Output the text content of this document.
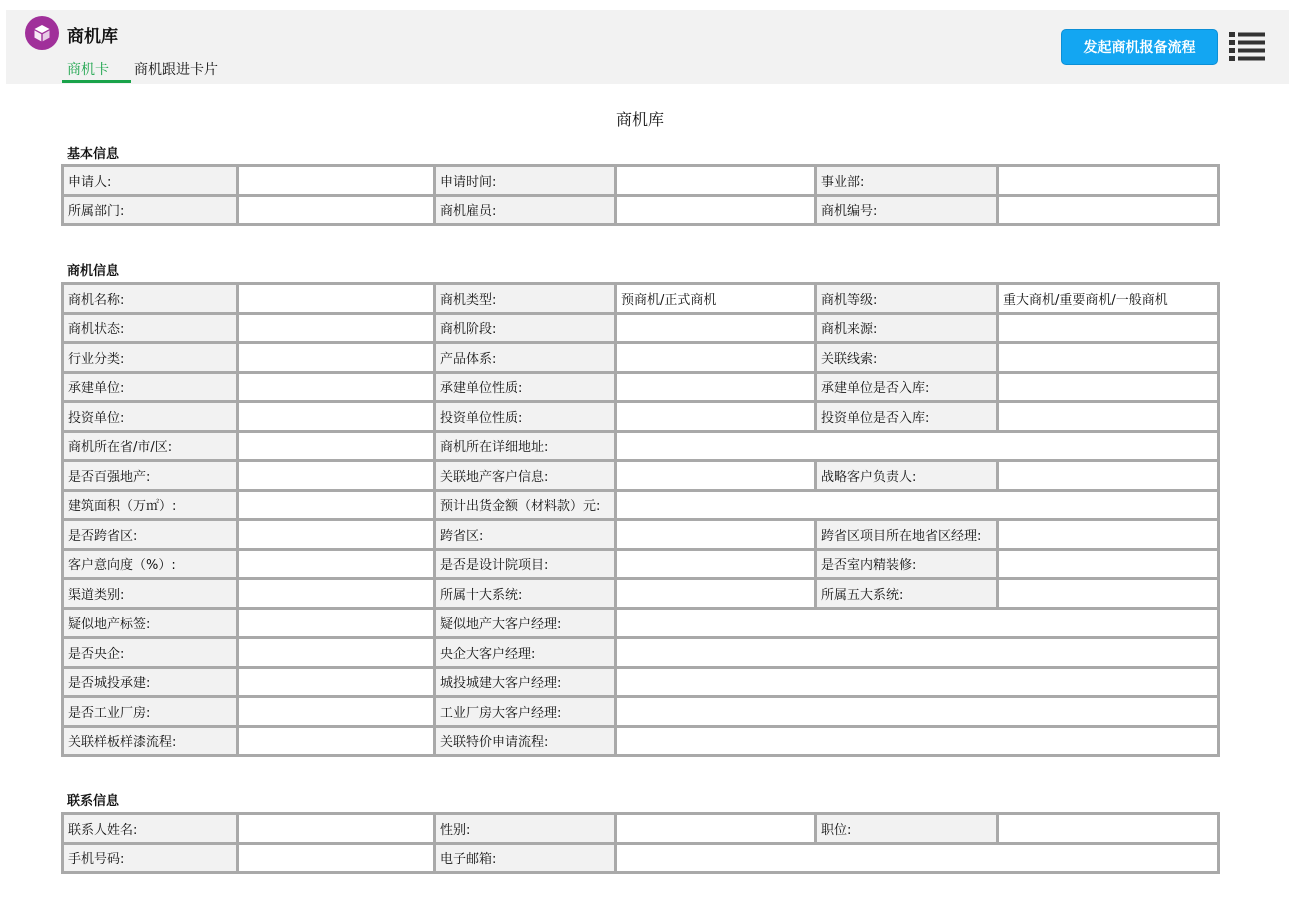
商机库
商机卡	商机跟进卡片
发起商机报备流程
商机库
基本信息
申请人:		申请时间:		事业部:	
所属部门:		商机雇员:		商机编号:	
商机信息
商机名称:		商机类型:	预商机/正式商机	商机等级:	重大商机/重要商机/一般商机
商机状态:		商机阶段:		商机来源:	
行业分类:		产品体系:		关联线索:	
承建单位:		承建单位性质:		承建单位是否入库:	
投资单位:		投资单位性质:		投资单位是否入库:	
商机所在省/市/区:		商机所在详细地址:			
是否百强地产:		关联地产客户信息:		战略客户负责人:	
建筑面积（万㎡）:		预计出货金额（材料款）元:			
是否跨省区:		跨省区:		跨省区项目所在地省区经理:	
客户意向度（%）:		是否是设计院项目:		是否室内精装修:	
渠道类别:		所属十大系统:		所属五大系统:	
疑似地产标签:		疑似地产大客户经理:			
是否央企:		央企大客户经理:			
是否城投承建:		城投城建大客户经理:			
是否工业厂房:		工业厂房大客户经理:			
关联样板样漆流程:		关联特价申请流程:			
联系信息
联系人姓名:		性别:		职位:	
手机号码:		电子邮箱:			
